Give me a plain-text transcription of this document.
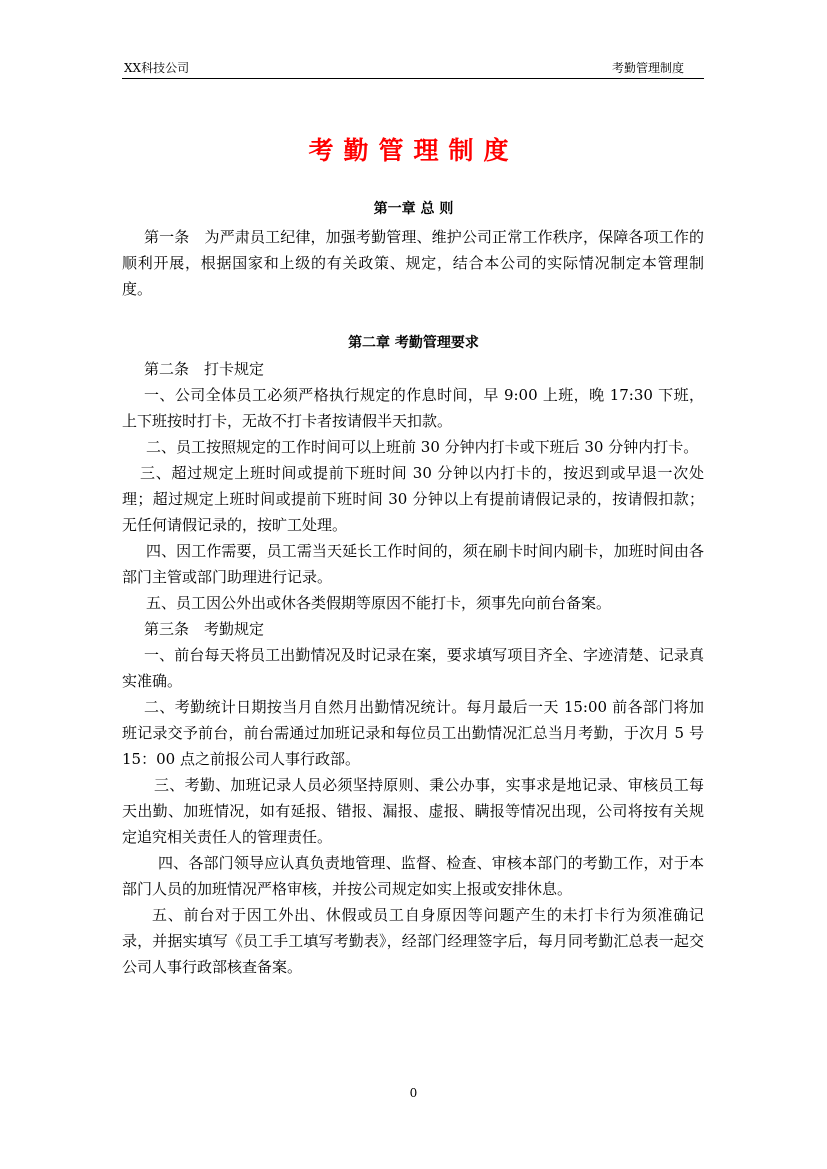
XX科技公司	考勤管理制度
考勤管理制度
第一章 总 则

第一条　为严肃员工纪律，加强考勤管理、维护公司正常工作秩序，保障各项工作的顺利开展，根据国家和上级的有关政策、规定，结合本公司的实际情况制定本管理制度。

第二章 考勤管理要求

第二条　打卡规定

一、公司全体员工必须严格执行规定的作息时间，早 9:00 上班，晚 17:30 下班，上下班按时打卡，无故不打卡者按请假半天扣款。

二、员工按照规定的工作时间可以上班前 30 分钟内打卡或下班后 30 分钟内打卡。

三、超过规定上班时间或提前下班时间 30 分钟以内打卡的，按迟到或早退一次处理；超过规定上班时间或提前下班时间 30 分钟以上有提前请假记录的，按请假扣款；无任何请假记录的，按旷工处理。

四、因工作需要，员工需当天延长工作时间的，须在刷卡时间内刷卡，加班时间由各部门主管或部门助理进行记录。

五、员工因公外出或休各类假期等原因不能打卡，须事先向前台备案。

第三条　考勤规定

一、前台每天将员工出勤情况及时记录在案，要求填写项目齐全、字迹清楚、记录真实准确。

二、考勤统计日期按当月自然月出勤情况统计。每月最后一天 15:00 前各部门将加班记录交予前台，前台需通过加班记录和每位员工出勤情况汇总当月考勤，于次月 5 号 15：00 点之前报公司人事行政部。

三、考勤、加班记录人员必须坚持原则、秉公办事，实事求是地记录、审核员工每天出勤、加班情况，如有延报、错报、漏报、虚报、瞒报等情况出现，公司将按有关规定追究相关责任人的管理责任。

四、各部门领导应认真负责地管理、监督、检查、审核本部门的考勤工作，对于本部门人员的加班情况严格审核，并按公司规定如实上报或安排休息。

五、前台对于因工外出、休假或员工自身原因等问题产生的未打卡行为须准确记录，并据实填写《员工手工填写考勤表》，经部门经理签字后，每月同考勤汇总表一起交公司人事行政部核查备案。

0
